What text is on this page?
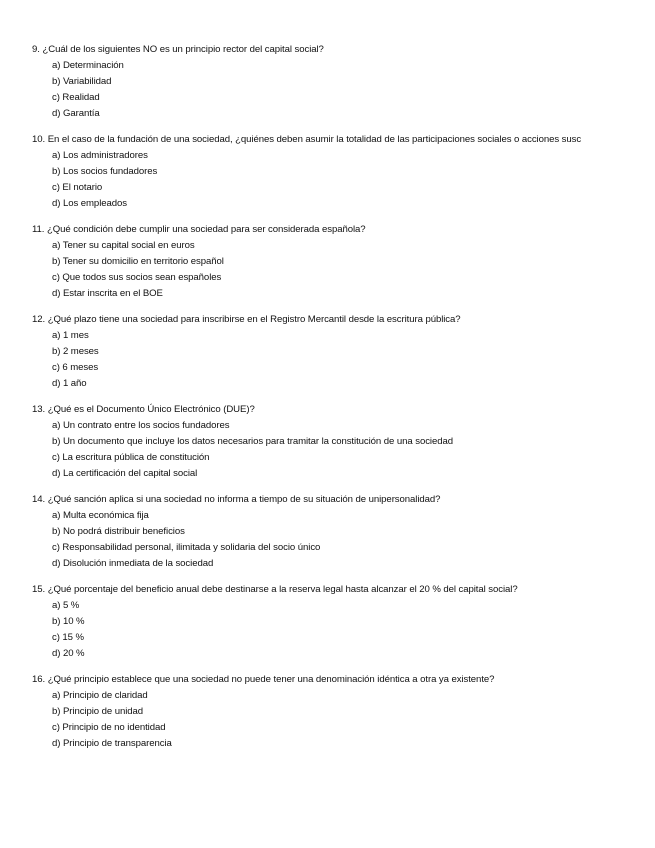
9. ¿Cuál de los siguientes NO es un principio rector del capital social?
a) Determinación
b) Variabilidad
c) Realidad
d) Garantía
10. En el caso de la fundación de una sociedad, ¿quiénes deben asumir la totalidad de las participaciones sociales o acciones susc
a) Los administradores
b) Los socios fundadores
c) El notario
d) Los empleados
11. ¿Qué condición debe cumplir una sociedad para ser considerada española?
a) Tener su capital social en euros
b) Tener su domicilio en territorio español
c) Que todos sus socios sean españoles
d) Estar inscrita en el BOE
12. ¿Qué plazo tiene una sociedad para inscribirse en el Registro Mercantil desde la escritura pública?
a) 1 mes
b) 2 meses
c) 6 meses
d) 1 año
13. ¿Qué es el Documento Único Electrónico (DUE)?
a) Un contrato entre los socios fundadores
b) Un documento que incluye los datos necesarios para tramitar la constitución de una sociedad
c) La escritura pública de constitución
d) La certificación del capital social
14. ¿Qué sanción aplica si una sociedad no informa a tiempo de su situación de unipersonalidad?
a) Multa económica fija
b) No podrá distribuir beneficios
c) Responsabilidad personal, ilimitada y solidaria del socio único
d) Disolución inmediata de la sociedad
15. ¿Qué porcentaje del beneficio anual debe destinarse a la reserva legal hasta alcanzar el 20 % del capital social?
a) 5 %
b) 10 %
c) 15 %
d) 20 %
16. ¿Qué principio establece que una sociedad no puede tener una denominación idéntica a otra ya existente?
a) Principio de claridad
b) Principio de unidad
c) Principio de no identidad
d) Principio de transparencia
